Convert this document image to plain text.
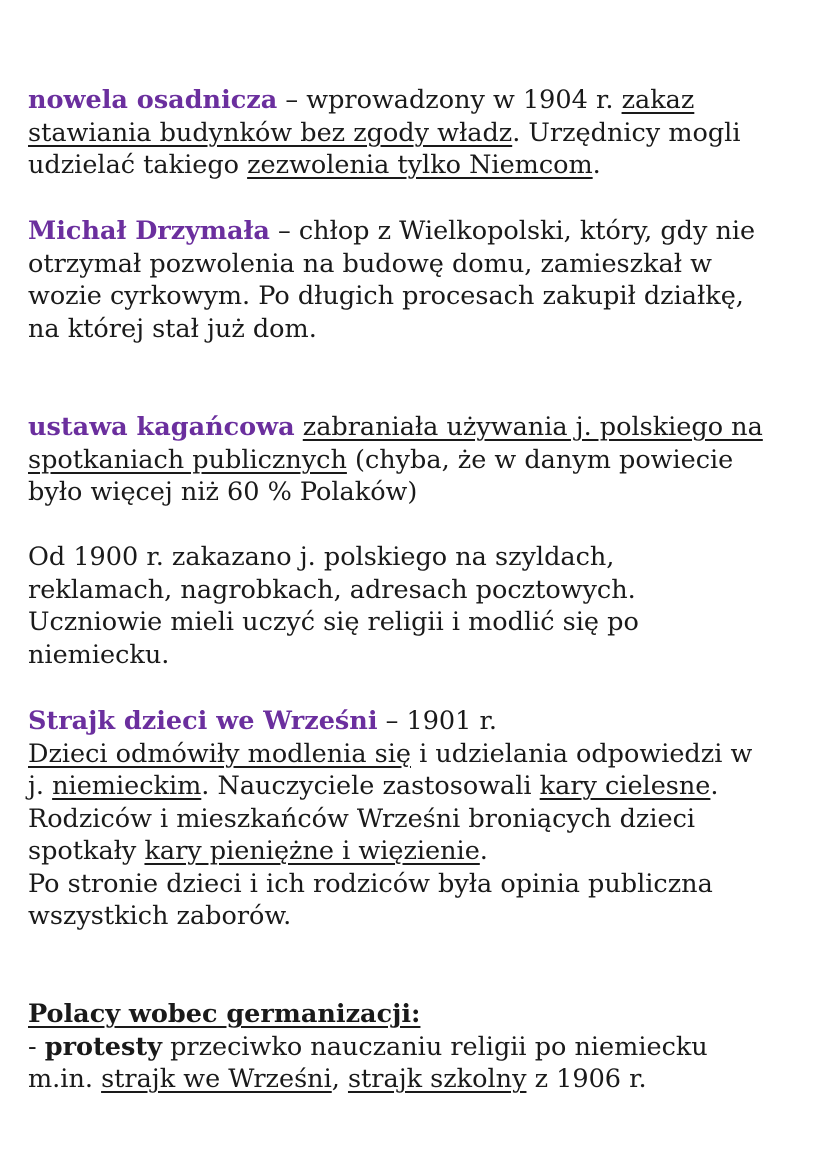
nowela osadnicza – wprowadzony w 1904 r. zakaz
stawiania budynków bez zgody władz. Urzędnicy mogli
udzielać takiego zezwolenia tylko Niemcom.
Michał Drzymała – chłop z Wielkopolski, który, gdy nie
otrzymał pozwolenia na budowę domu, zamieszkał w
wozie cyrkowym. Po długich procesach zakupił działkę,
na której stał już dom.
ustawa kagańcowa zabraniała używania j. polskiego na
spotkaniach publicznych (chyba, że w danym powiecie
było więcej niż 60 % Polaków)
Od 1900 r. zakazano j. polskiego na szyldach,
reklamach, nagrobkach, adresach pocztowych.
Uczniowie mieli uczyć się religii i modlić się po
niemiecku.
Strajk dzieci we Wrześni – 1901 r.
Dzieci odmówiły modlenia się i udzielania odpowiedzi w
j. niemieckim. Nauczyciele zastosowali kary cielesne.
Rodziców i mieszkańców Wrześni broniących dzieci
spotkały kary pieniężne i więzienie.
Po stronie dzieci i ich rodziców była opinia publiczna
wszystkich zaborów.
Polacy wobec germanizacji:
- protesty przeciwko nauczaniu religii po niemiecku
m.in. strajk we Wrześni, strajk szkolny z 1906 r.
